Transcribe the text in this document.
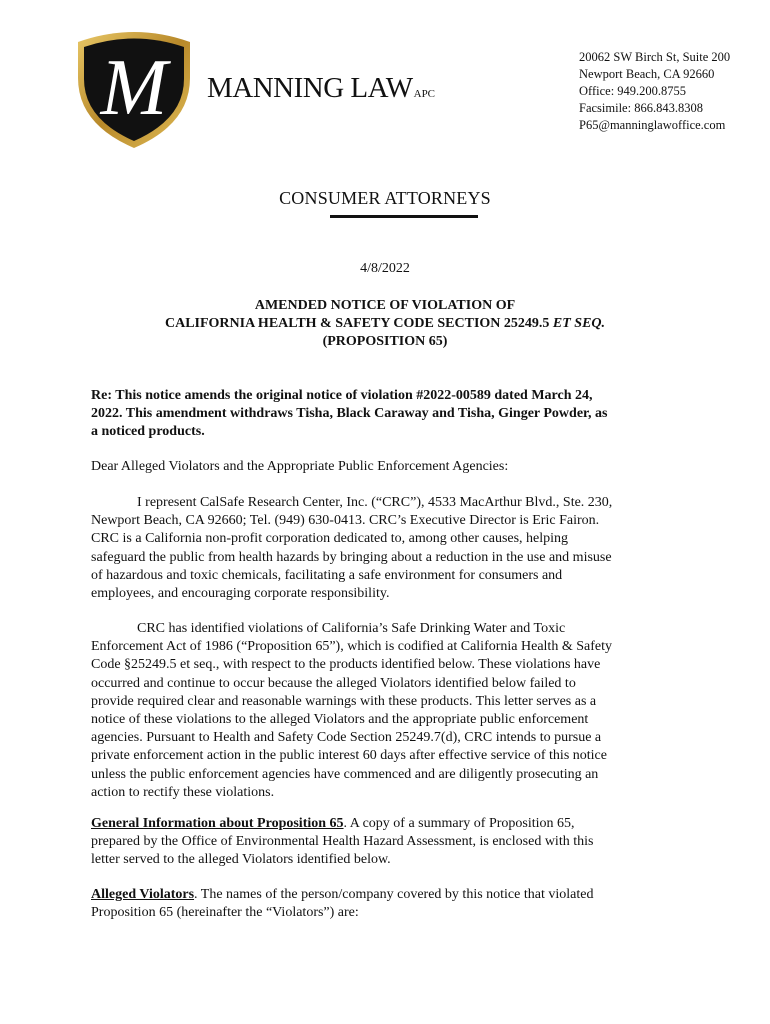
M MANNING LAWAPC
20062 SW Birch St, Suite 200
Newport Beach, CA 92660
Office: 949.200.8755
Facsimile: 866.843.8308
P65@manninglawoffice.com
CONSUMER ATTORNEYS
4/8/2022
AMENDED NOTICE OF VIOLATION OF
CALIFORNIA HEALTH & SAFETY CODE SECTION 25249.5 ET SEQ.
(PROPOSITION 65)
Re: This notice amends the original notice of violation #2022-00589 dated March 24,
2022. This amendment withdraws Tisha, Black Caraway and Tisha, Ginger Powder, as
a noticed products.
Dear Alleged Violators and the Appropriate Public Enforcement Agencies:
I represent CalSafe Research Center, Inc. (“CRC”), 4533 MacArthur Blvd., Ste. 230,
Newport Beach, CA 92660; Tel. (949) 630-0413. CRC’s Executive Director is Eric Fairon.
CRC is a California non-profit corporation dedicated to, among other causes, helping
safeguard the public from health hazards by bringing about a reduction in the use and misuse
of hazardous and toxic chemicals, facilitating a safe environment for consumers and
employees, and encouraging corporate responsibility.
CRC has identified violations of California’s Safe Drinking Water and Toxic
Enforcement Act of 1986 (“Proposition 65”), which is codified at California Health & Safety
Code §25249.5 et seq., with respect to the products identified below. These violations have
occurred and continue to occur because the alleged Violators identified below failed to
provide required clear and reasonable warnings with these products. This letter serves as a
notice of these violations to the alleged Violators and the appropriate public enforcement
agencies. Pursuant to Health and Safety Code Section 25249.7(d), CRC intends to pursue a
private enforcement action in the public interest 60 days after effective service of this notice
unless the public enforcement agencies have commenced and are diligently prosecuting an
action to rectify these violations.
General Information about Proposition 65. A copy of a summary of Proposition 65,
prepared by the Office of Environmental Health Hazard Assessment, is enclosed with this
letter served to the alleged Violators identified below.
Alleged Violators. The names of the person/company covered by this notice that violated
Proposition 65 (hereinafter the “Violators”) are:
